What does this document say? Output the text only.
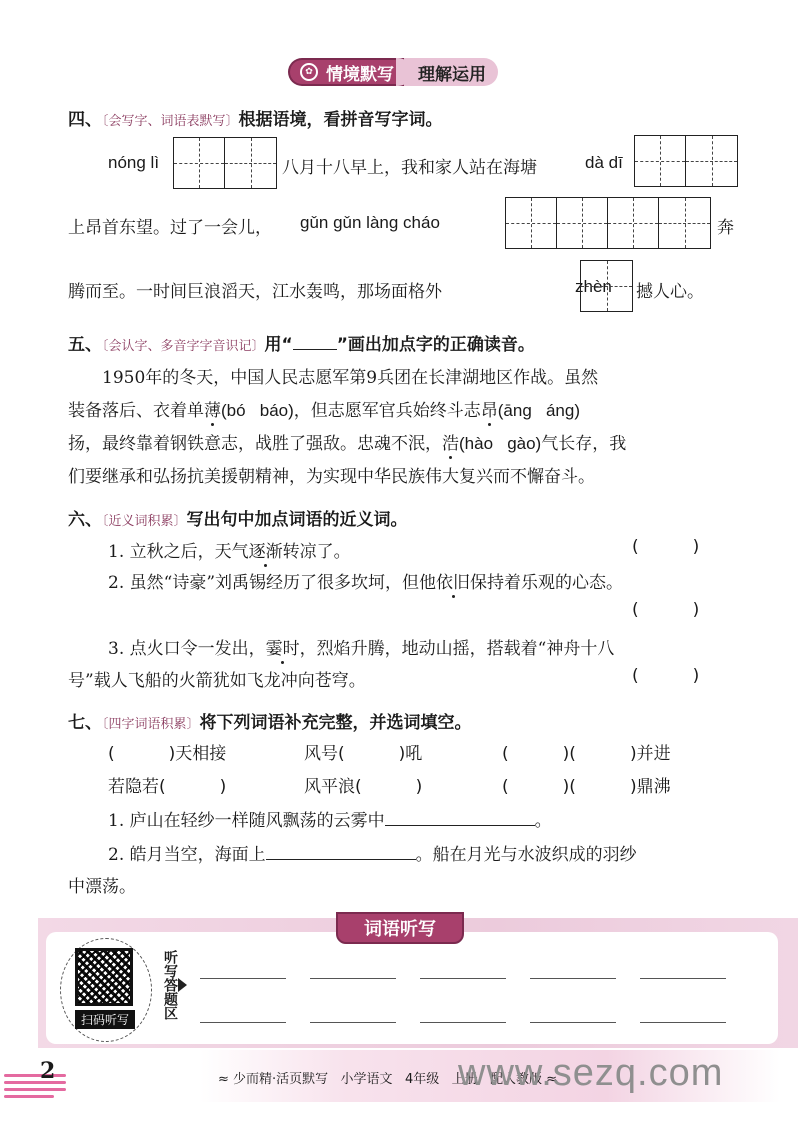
✿ 情境默写 理解运用
四、〔会写字、词语表默写〕根据语境，看拼音写字词。
nóng lì	八月十八早上，我和家人站在海塘	dà dī
上昂首东望。过了一会儿， gǔn gǔn làng cháo	奔
腾而至。一时间巨浪滔天，江水轰鸣，那场面格外	zhèn 撼人心。
五、〔会认字、多音字字音识记〕用“	”画出加点字的正确读音。
1950年的冬天，中国人民志愿军第9兵团在长津湖地区作战。虽然
装备落后、衣着单薄(bó   báo)，但志愿军官兵始终斗志昂(āng   áng)
扬，最终靠着钢铁意志，战胜了强敌。忠魂不泯，浩(hào   gào)气长存，我
们要继承和弘扬抗美援朝精神，为实现中华民族伟大复兴而不懈奋斗。
六、〔近义词积累〕写出句中加点词语的近义词。
1. 立秋之后，天气逐渐转凉了。	(          )
2. 虽然“诗豪”刘禹锡经历了很多坎坷，但他依旧保持着乐观的心态。
(          )
3. 点火口令一发出，霎时，烈焰升腾，地动山摇，搭载着“神舟十八
号”载人飞船的火箭犹如飞龙冲向苍穹。	(          )
七、〔四字词语积累〕将下列词语补充完整，并选词填空。
(          )天相接	风号(          )吼	(          )(          )并进
若隐若(          )	风平浪(          )	(          )(          )鼎沸
1. 庐山在轻纱一样随风飘荡的云雾中	。
2. 皓月当空，海面上	。船在月光与水波织成的羽纱
中漂荡。
词语听写
扫码听写	听写答题区
2	≈ 少而精·活页默写   小学语文   4年级   上册   配人教版 ≈
www.sezq.com
